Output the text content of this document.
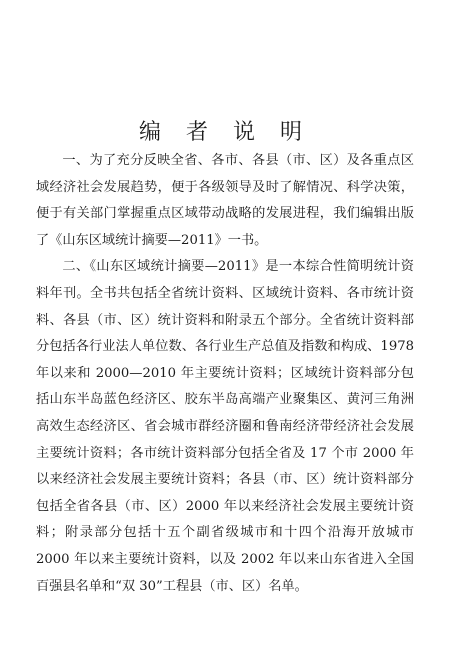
编 者 说 明

一、为了充分反映全省、各市、各县（市、区）及各重点区域经济社会发展趋势，便于各级领导及时了解情况、科学决策，便于有关部门掌握重点区域带动战略的发展进程，我们编辑出版了《山东区域统计摘要—2011》一书。

二、《山东区域统计摘要—2011》是一本综合性简明统计资料年刊。全书共包括全省统计资料、区域统计资料、各市统计资料、各县（市、区）统计资料和附录五个部分。全省统计资料部分包括各行业法人单位数、各行业生产总值及指数和构成、1978 年以来和 2000—2010 年主要统计资料；区域统计资料部分包括山东半岛蓝色经济区、胶东半岛高端产业聚集区、黄河三角洲高效生态经济区、省会城市群经济圈和鲁南经济带经济社会发展主要统计资料；各市统计资料部分包括全省及 17 个市 2000 年以来经济社会发展主要统计资料；各县（市、区）统计资料部分包括全省各县（市、区）2000 年以来经济社会发展主要统计资料；附录部分包括十五个副省级城市和十四个沿海开放城市 2000 年以来主要统计资料，以及 2002 年以来山东省进入全国百强县名单和“双 30”工程县（市、区）名单。
